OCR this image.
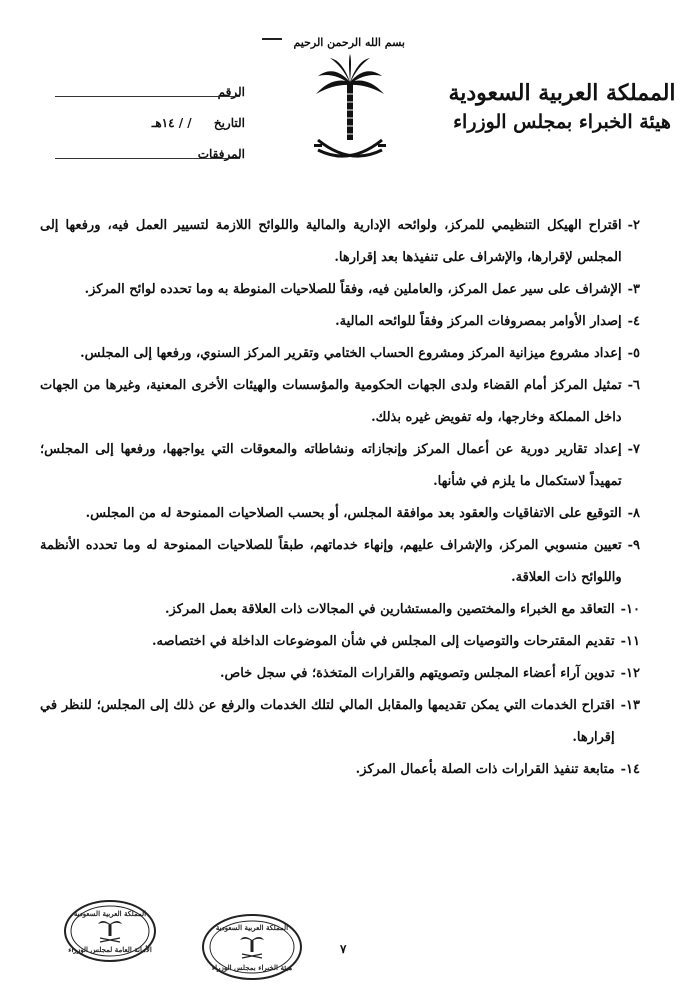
بسم الله الرحمن الرحيم
المملكة العربية السعودية
هيئة الخبراء بمجلس الوزراء
الرقم
التاريخ / / ١٤هـ
المرفقات
٢-
اقتراح الهيكل التنظيمي للمركز، ولوائحه الإدارية والمالية واللوائح اللازمة لتسيير العمل فيه، ورفعها إلى المجلس لإقرارها، والإشراف على تنفيذها بعد إقرارها.
٣-
الإشراف على سير عمل المركز، والعاملين فيه، وفقاً للصلاحيات المنوطة به وما تحدده لوائح المركز.
٤-
إصدار الأوامر بمصروفات المركز وفقاً للوائحه المالية.
٥-
إعداد مشروع ميزانية المركز ومشروع الحساب الختامي وتقرير المركز السنوي، ورفعها إلى المجلس.
٦-
تمثيل المركز أمام القضاء ولدى الجهات الحكومية والمؤسسات والهيئات الأخرى المعنية، وغيرها من الجهات داخل المملكة وخارجها، وله تفويض غيره بذلك.
٧-
إعداد تقارير دورية عن أعمال المركز وإنجازاته ونشاطاته والمعوقات التي يواجهها، ورفعها إلى المجلس؛ تمهيداً لاستكمال ما يلزم في شأنها.
٨-
التوقيع على الاتفاقيات والعقود بعد موافقة المجلس، أو بحسب الصلاحيات الممنوحة له من المجلس.
٩-
تعيين منسوبي المركز، والإشراف عليهم، وإنهاء خدماتهم، طبقاً للصلاحيات الممنوحة له وما تحدده الأنظمة واللوائح ذات العلاقة.
١٠-
التعاقد مع الخبراء والمختصين والمستشارين في المجالات ذات العلاقة بعمل المركز.
١١-
تقديم المقترحات والتوصيات إلى المجلس في شأن الموضوعات الداخلة في اختصاصه.
١٢-
تدوين آراء أعضاء المجلس وتصويتهم والقرارات المتخذة؛ في سجل خاص.
١٣-
اقتراح الخدمات التي يمكن تقديمها والمقابل المالي لتلك الخدمات والرفع عن ذلك إلى المجلس؛ للنظر في إقرارها.
١٤-
متابعة تنفيذ القرارات ذات الصلة بأعمال المركز.
المملكة العربية السعودية
الأمانة العامة لمجلس الوزراء
المملكة العربية السعودية
هيئة الخبراء بمجلس الوزراء
٧
